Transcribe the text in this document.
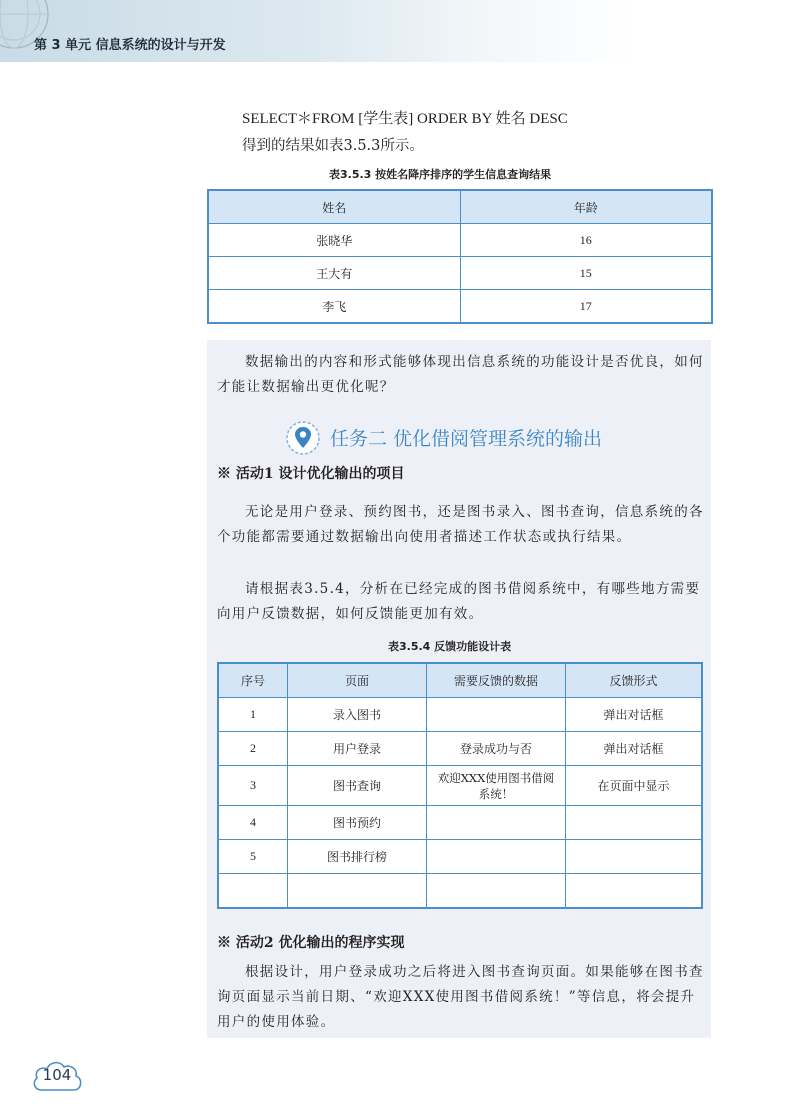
第 3 单元 信息系统的设计与开发
SELECT＊FROM [学生表] ORDER BY 姓名 DESC
得到的结果如表3.5.3所示。
表3.5.3 按姓名降序排序的学生信息查询结果
姓名	年龄
张晓华	16
王大有	15
李飞	17
数据输出的内容和形式能够体现出信息系统的功能设计是否优良，如何才能让数据输出更优化呢？
任务二 优化借阅管理系统的输出
※ 活动1 设计优化输出的项目
无论是用户登录、预约图书，还是图书录入、图书查询，信息系统的各个功能都需要通过数据输出向使用者描述工作状态或执行结果。
请根据表3.5.4，分析在已经完成的图书借阅系统中，有哪些地方需要向用户反馈数据，如何反馈能更加有效。
表3.5.4 反馈功能设计表
序号	页面	需要反馈的数据	反馈形式
1	录入图书		弹出对话框
2	用户登录	登录成功与否	弹出对话框
3	图书查询	欢迎XXX使用图书借阅系统！	在页面中显示
4	图书预约		
5	图书排行榜		

※ 活动2 优化输出的程序实现
根据设计，用户登录成功之后将进入图书查询页面。如果能够在图书查询页面显示当前日期、“欢迎XXX使用图书借阅系统！”等信息，将会提升用户的使用体验。
104
